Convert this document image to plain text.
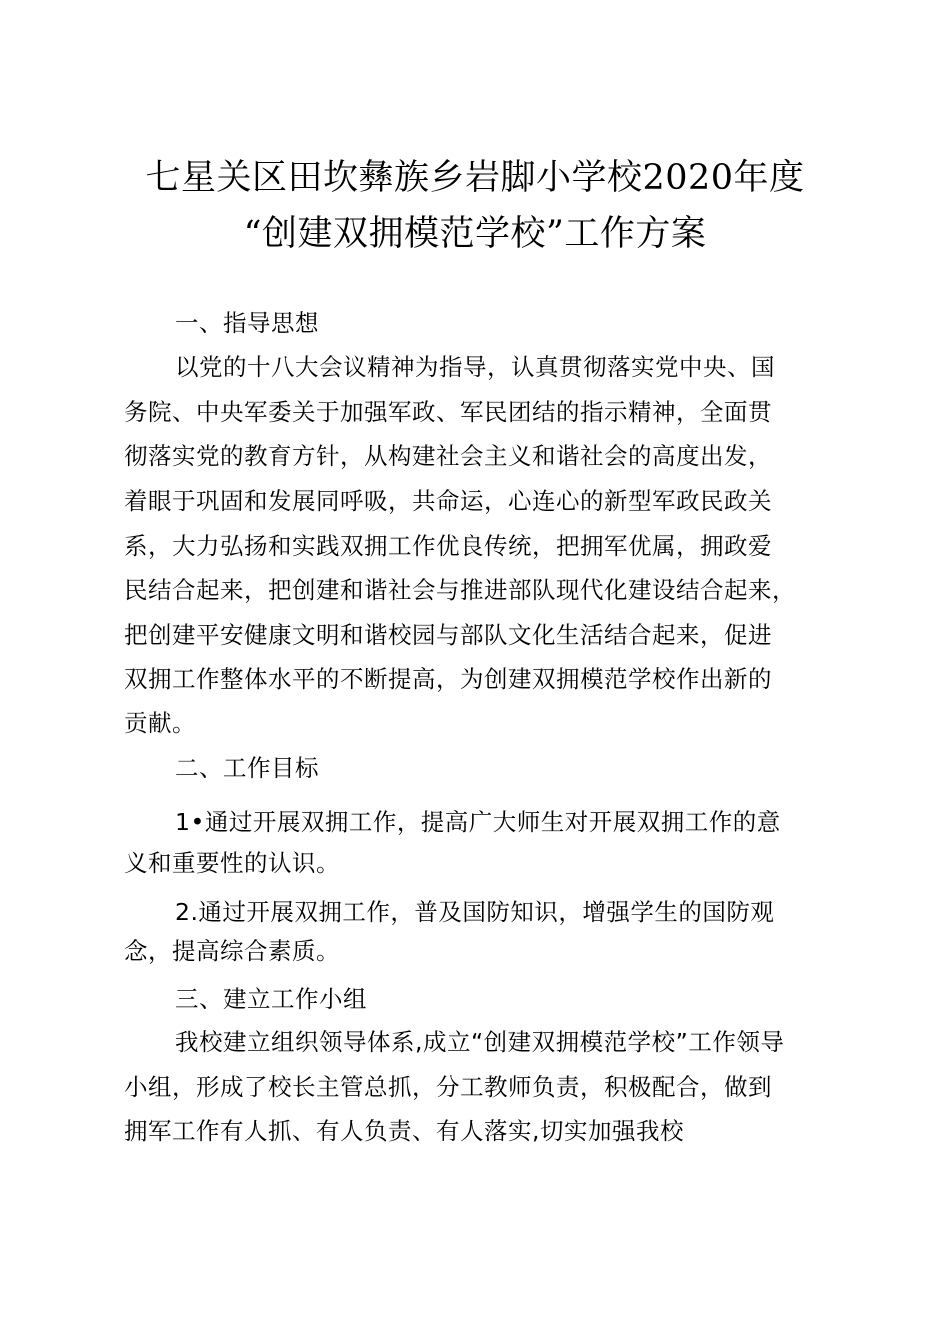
七星关区田坎彝族乡岩脚小学校2020年度
“创建双拥模范学校”工作方案
一、指导思想
以党的十八大会议精神为指导，认真贯彻落实党中央、国
务院、中央军委关于加强军政、军民团结的指示精神，全面贯
彻落实党的教育方针，从构建社会主义和谐社会的高度出发，
着眼于巩固和发展同呼吸，共命运，心连心的新型军政民政关
系，大力弘扬和实践双拥工作优良传统，把拥军优属，拥政爱
民结合起来，把创建和谐社会与推进部队现代化建设结合起来，
把创建平安健康文明和谐校园与部队文化生活结合起来，促进
双拥工作整体水平的不断提高，为创建双拥模范学校作出新的
贡献。
二、工作目标
1•通过开展双拥工作，提高广大师生对开展双拥工作的意
义和重要性的认识。
2.通过开展双拥工作，普及国防知识，增强学生的国防观
念，提高综合素质。
三、建立工作小组
我校建立组织领导体系,成立“创建双拥模范学校”工作领导
小组，形成了校长主管总抓，分工教师负责，积极配合，做到
拥军工作有人抓、有人负责、有人落实,切实加强我校
